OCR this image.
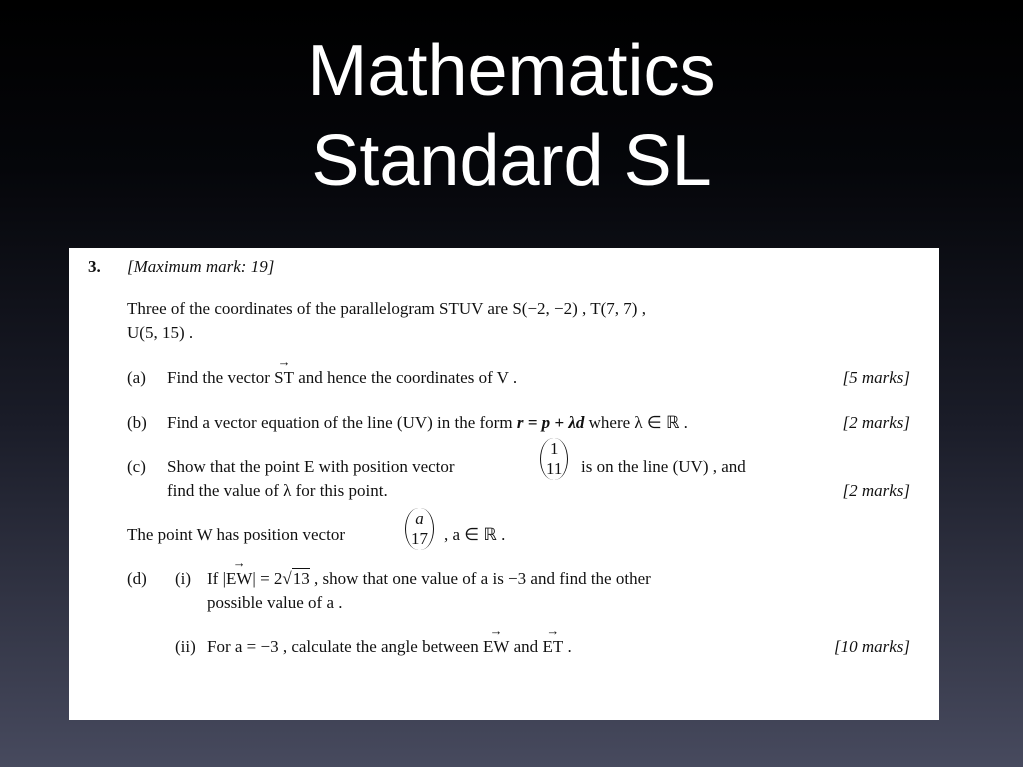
Mathematics
Standard SL
3. [Maximum mark: 19]
Three of the coordinates of the parallelogram STUV are S(−2, −2) , T(7, 7) ,
U(5, 15) .
(a) Find the vector → ST and hence the coordinates of V .	[5 marks]
(b) Find a vector equation of the line (UV) in the form r = p + λd where λ ∈ ℝ .	[2 marks]
(c) Show that the point E with position vector
1
11 is on the line (UV) , and
find the value of λ for this point.	[2 marks]
The point W has position vector
a
17 , a ∈ ℝ .
(d) (i) If |→ EW| = 2√13 , show that one value of a is −3 and find the other
possible value of a .
(ii) For a = −3 , calculate the angle between → EW and → ET .	[10 marks]
